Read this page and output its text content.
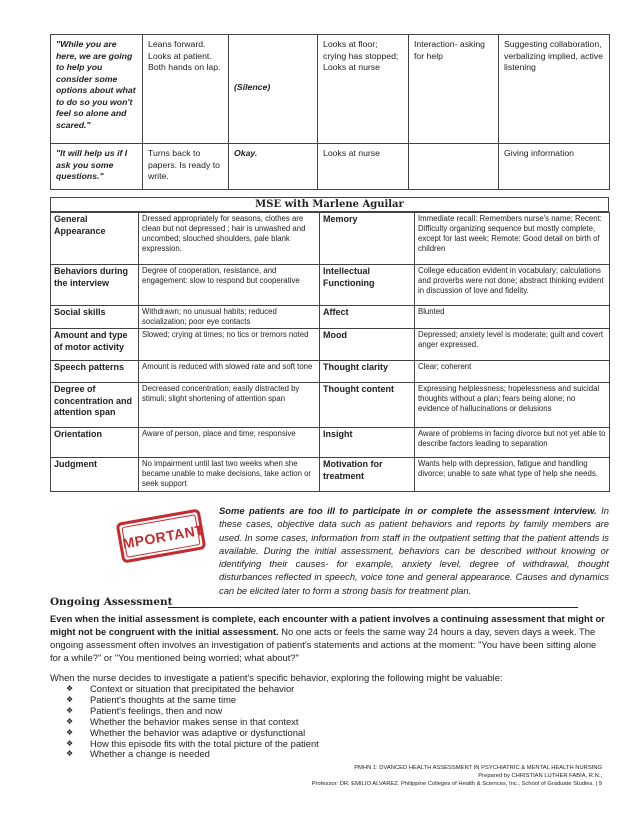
"While you are here, we are going to help you consider some options about what to do so you won't feel so alone and scared."	Leans forward. Looks at patient. Both hands on lap.	(Silence)	Looks at floor; crying has stopped; Looks at nurse	Interaction- asking for help	Suggesting collaboration, verbalizing implied, active listening
"It will help us if I ask you some questions."	Turns back to papers. Is ready to write.	Okay.	Looks at nurse		Giving information
MSE with Marlene Aguilar
General Appearance	Dressed appropriately for seasons, clothes are clean but not depressed ; hair is unwashed and uncombed; slouched shoulders, pale blank expression.	Memory	Immediate recall: Remembers nurse's name; Recent: Difficulty organizing sequence but mostly complete, except for last week; Remote: Good detail on birth of children
Behaviors during the interview	Degree of cooperation, resistance, and engagement: slow to respond but cooperative	Intellectual Functioning	College education evident in vocabulary; calculations and proverbs were not done; abstract thinking evident in discussion of love and fidelity.
Social skills	Withdrawn; no unusual habits; reduced socialization; poor eye contacts	Affect	Blunted
Amount and type of motor activity	Slowed; crying at times; no tics or tremors noted	Mood	Depressed; anxiety level is moderate; guilt and covert anger expressed.
Speech patterns	Amount is reduced with slowed rate and soft tone	Thought clarity	Clear; coherent
Degree of concentration and attention span	Decreased concentration; easily distracted by stimuli; slight shortening of attention span	Thought content	Expressing helplessness; hopelessness and suicidal thoughts without a plan; fears being alone; no evidence of hallucinations or delusions
Orientation	Aware of person, place and time; responsive	Insight	Aware of problems in facing divorce but not yet able to describe factors leading to separation
Judgment	No impairment until last two weeks when she became unable to make decisions, take action or seek support	Motivation for treatment	Wants help with depression, fatigue and handling divorce; unable to sate what type of help she needs.
IMPORTANT
Some patients are too ill to participate in or complete the assessment interview. In these cases, objective data such as patient behaviors and reports by family members are used. In some cases, information from staff in the outpatient setting that the patient attends is available. During the initial assessment, behaviors can be described without knowing or identifying their causes- for example, anxiety level, degree of withdrawal, thought disturbances reflected in speech, voice tone and general appearance. Causes and dynamics can be elicited later to form a strong basis for treatment plan.
Ongoing Assessment
Even when the initial assessment is complete, each encounter with a patient involves a continuing assessment that might or might not be congruent with the initial assessment. No one acts or feels the same way 24 hours a day, seven days a week. The ongoing assessment often involves an investigation of patient's statements and actions at the moment: "You have been sitting alone for a while?" or "You mentioned being worried; what about?"
When the nurse decides to investigate a patient's specific behavior, exploring the following might be valuable:
❖	Context or situation that precipitated the behavior
❖	Patient's thoughts at the same time
❖	Patient's feelings, then and now
❖	Whether the behavior makes sense in that context
❖	Whether the behavior was adaptive or dysfunctional
❖	How this episode fits with the total picture of the patient
❖	Whether a change is needed
PMHN 1: DVANCED HEALTH ASSESSMENT IN PSYCHIATRIC & MENTAL HEALTH NURSING
Prepared by CHRISTIAN LUTHER FABIA, R.N.,
Professor: DR. EMILIO ALVAREZ, Philippine Colleges of Health & Sciences, Inc., School of Graduate Studies. | 9
